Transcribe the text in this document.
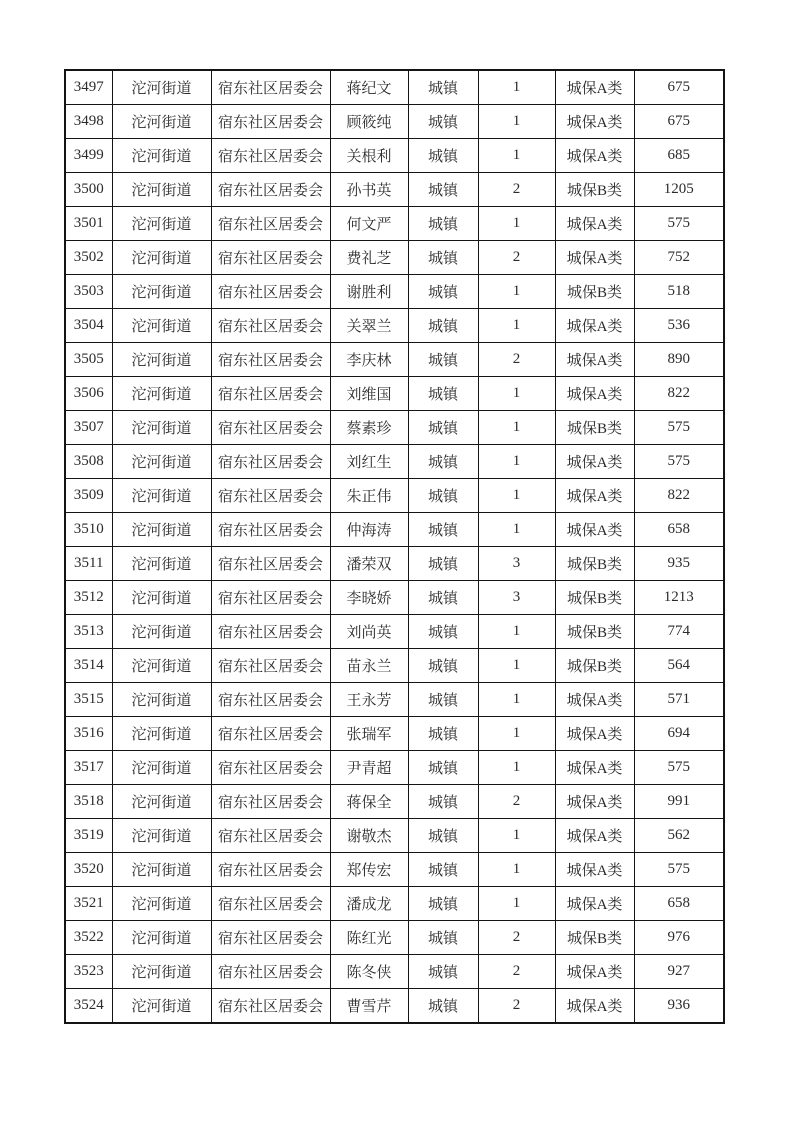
3497	沱河街道	宿东社区居委会	蒋纪文	城镇	1	城保A类	675
3498	沱河街道	宿东社区居委会	顾筱纯	城镇	1	城保A类	675
3499	沱河街道	宿东社区居委会	关根利	城镇	1	城保A类	685
3500	沱河街道	宿东社区居委会	孙书英	城镇	2	城保B类	1205
3501	沱河街道	宿东社区居委会	何文严	城镇	1	城保A类	575
3502	沱河街道	宿东社区居委会	费礼芝	城镇	2	城保A类	752
3503	沱河街道	宿东社区居委会	谢胜利	城镇	1	城保B类	518
3504	沱河街道	宿东社区居委会	关翠兰	城镇	1	城保A类	536
3505	沱河街道	宿东社区居委会	李庆林	城镇	2	城保A类	890
3506	沱河街道	宿东社区居委会	刘维国	城镇	1	城保A类	822
3507	沱河街道	宿东社区居委会	蔡素珍	城镇	1	城保B类	575
3508	沱河街道	宿东社区居委会	刘红生	城镇	1	城保A类	575
3509	沱河街道	宿东社区居委会	朱正伟	城镇	1	城保A类	822
3510	沱河街道	宿东社区居委会	仲海涛	城镇	1	城保A类	658
3511	沱河街道	宿东社区居委会	潘荣双	城镇	3	城保B类	935
3512	沱河街道	宿东社区居委会	李晓娇	城镇	3	城保B类	1213
3513	沱河街道	宿东社区居委会	刘尚英	城镇	1	城保B类	774
3514	沱河街道	宿东社区居委会	苗永兰	城镇	1	城保B类	564
3515	沱河街道	宿东社区居委会	王永芳	城镇	1	城保A类	571
3516	沱河街道	宿东社区居委会	张瑞军	城镇	1	城保A类	694
3517	沱河街道	宿东社区居委会	尹青超	城镇	1	城保A类	575
3518	沱河街道	宿东社区居委会	蒋保全	城镇	2	城保A类	991
3519	沱河街道	宿东社区居委会	谢敬杰	城镇	1	城保A类	562
3520	沱河街道	宿东社区居委会	郑传宏	城镇	1	城保A类	575
3521	沱河街道	宿东社区居委会	潘成龙	城镇	1	城保A类	658
3522	沱河街道	宿东社区居委会	陈红光	城镇	2	城保B类	976
3523	沱河街道	宿东社区居委会	陈冬侠	城镇	2	城保A类	927
3524	沱河街道	宿东社区居委会	曹雪芹	城镇	2	城保A类	936
